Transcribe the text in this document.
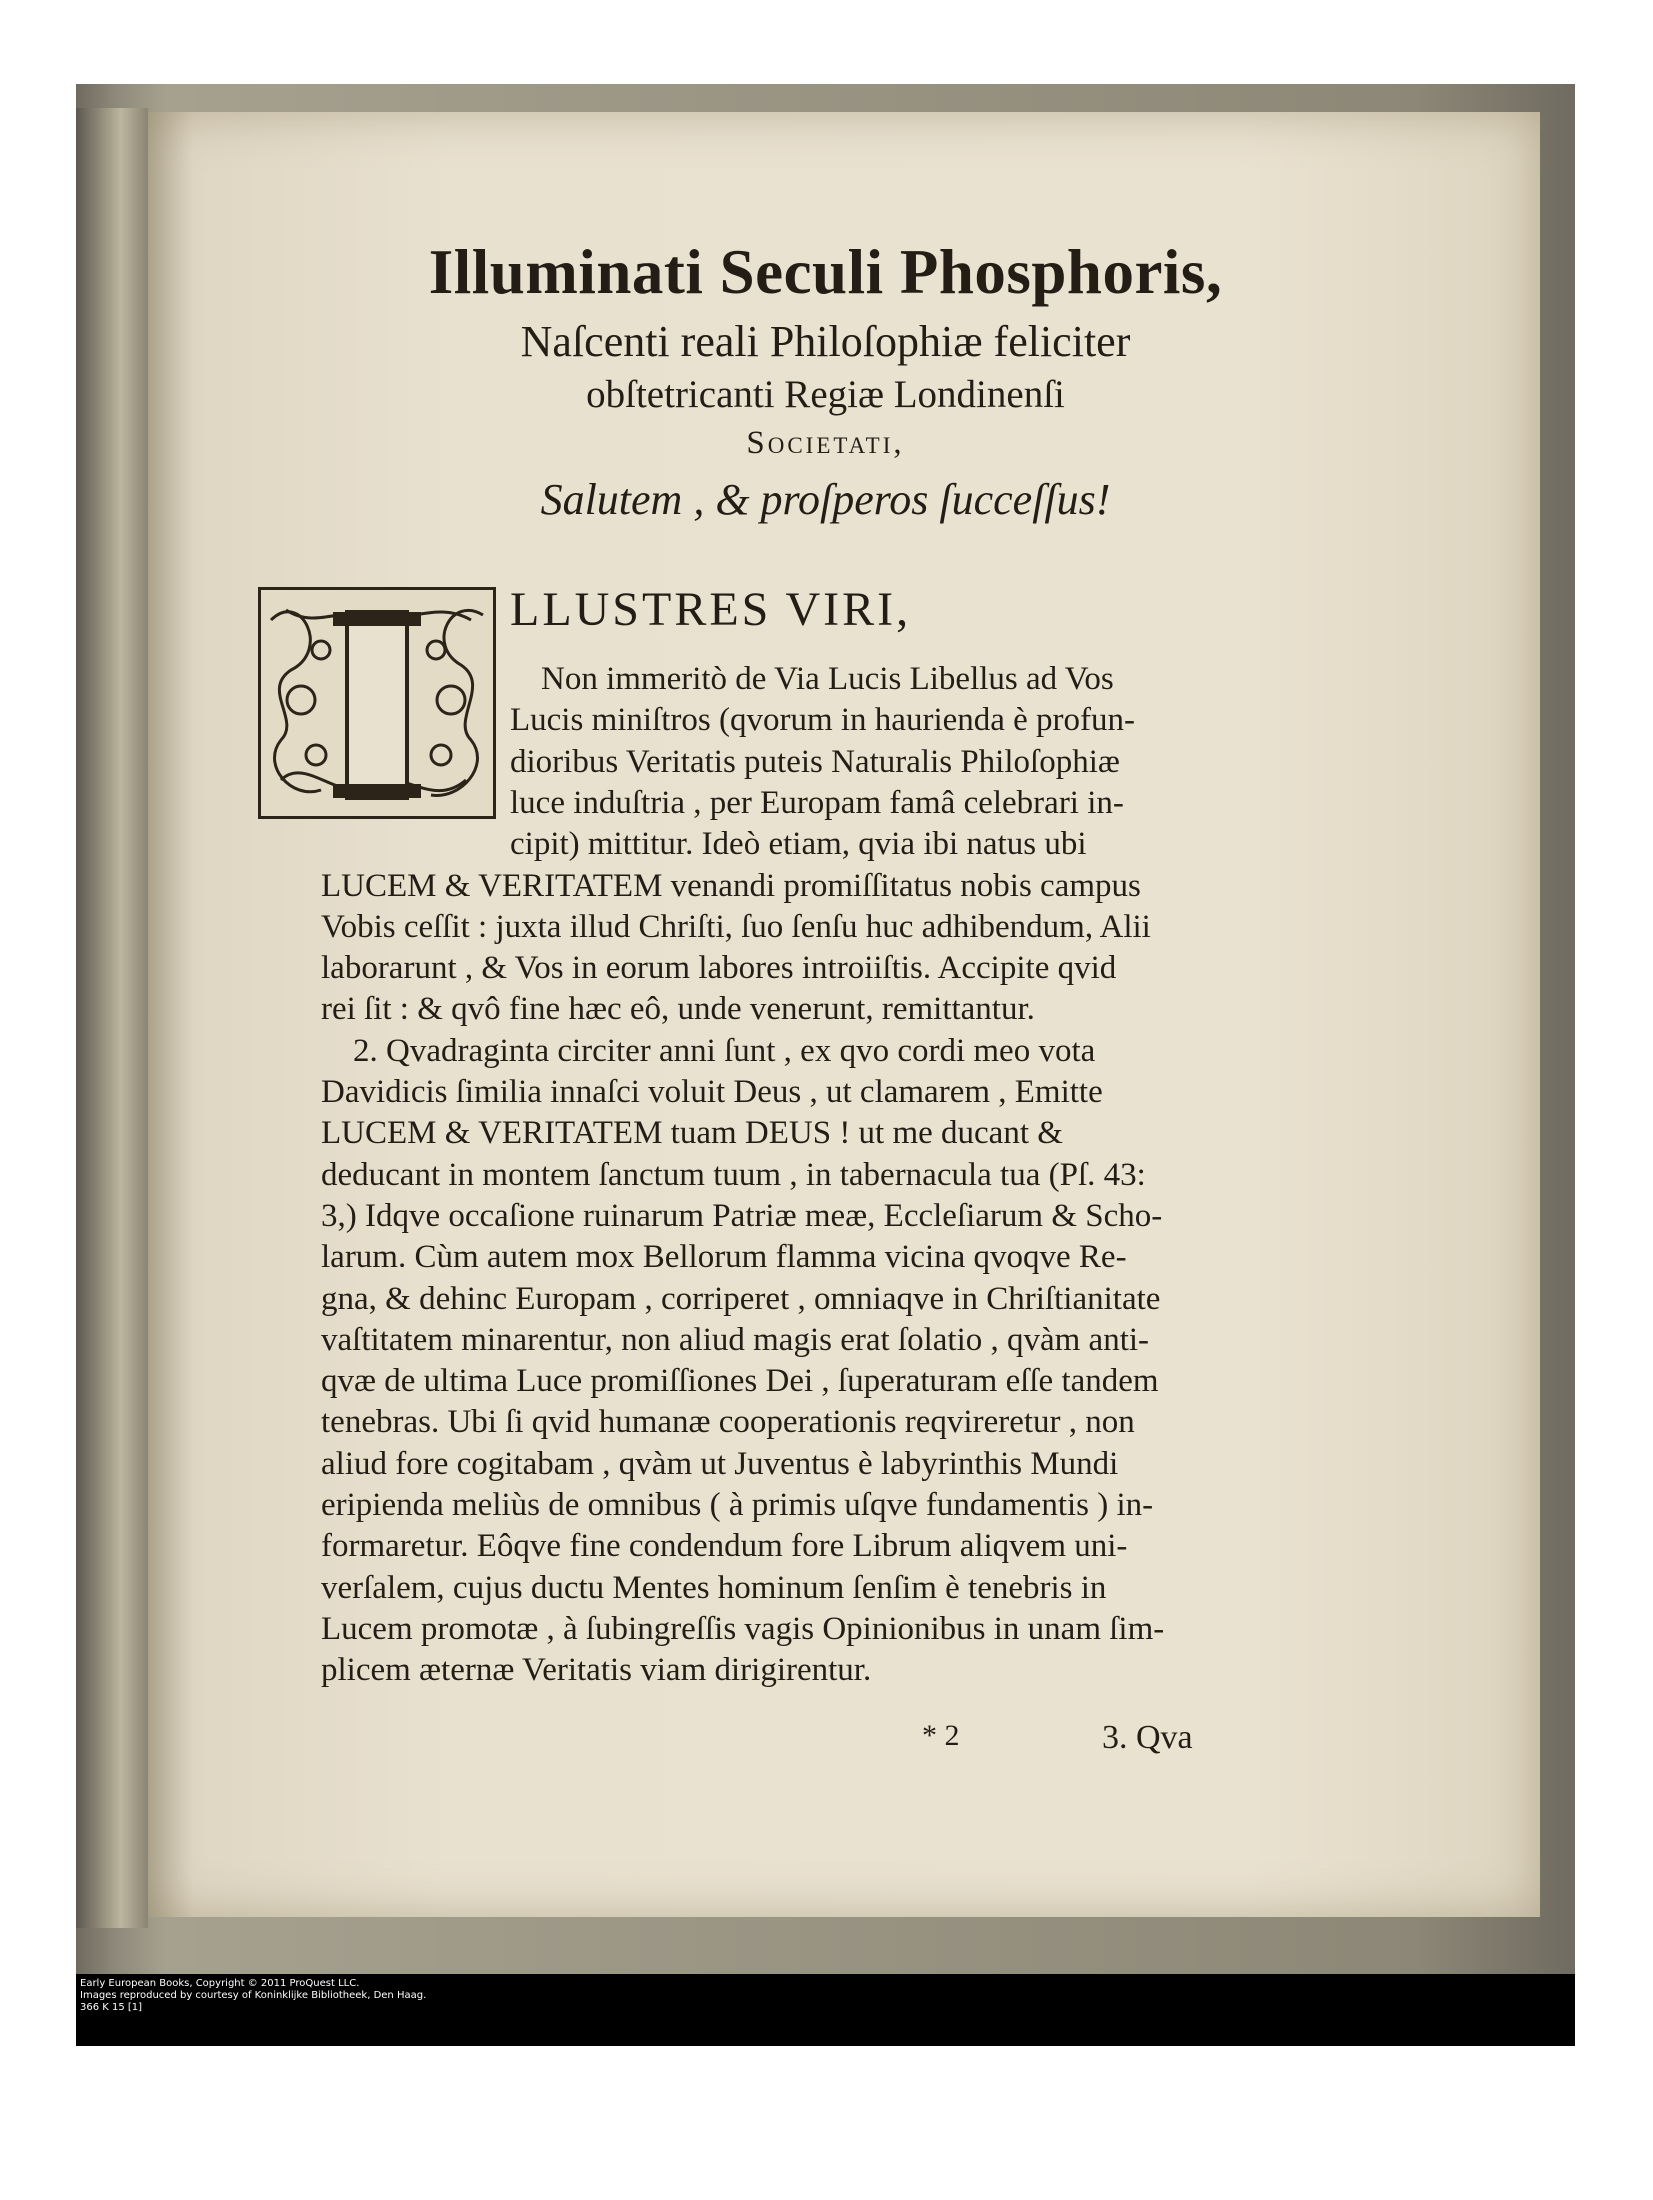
Illuminati Seculi Phosphoris,
Naſcenti reali Philoſophiæ feliciter
obſtetricanti Regiæ Londinenſi
Societati,
Salutem , & proſperos ſucceſſus!
LLUSTRES VIRI,
Non immeritò de Via Lucis Libellus ad Vos
Lucis miniſtros (qvorum in haurienda è profun-
dioribus Veritatis puteis Naturalis Philoſophiæ
luce induſtria , per Europam famâ celebrari in-
cipit) mittitur. Ideò etiam, qvia ibi natus ubi
LUCEM & VERITATEM venandi promiſſitatus nobis campus
Vobis ceſſit : juxta illud Chriſti, ſuo ſenſu huc adhibendum, Alii
laborarunt , & Vos in eorum labores introiiſtis. Accipite qvid
rei ſit : & qvô fine hæc eô, unde venerunt, remittantur.
2. Qvadraginta circiter anni ſunt , ex qvo cordi meo vota
Davidicis ſimilia innaſci voluit Deus , ut clamarem , Emitte
LUCEM & VERITATEM tuam DEUS ! ut me ducant &
deducant in montem ſanctum tuum , in tabernacula tua (Pſ. 43:
3,) Idqve occaſione ruinarum Patriæ meæ, Eccleſiarum & Scho-
larum. Cùm autem mox Bellorum flamma vicina qvoqve Re-
gna, & dehinc Europam , corriperet , omniaqve in Chriſtianitate
vaſtitatem minarentur, non aliud magis erat ſolatio , qvàm anti-
qvæ de ultima Luce promiſſiones Dei , ſuperaturam eſſe tandem
tenebras. Ubi ſi qvid humanæ cooperationis reqvireretur , non
aliud fore cogitabam , qvàm ut Juventus è labyrinthis Mundi
eripienda meliùs de omnibus ( à primis uſqve fundamentis ) in-
formaretur. Eôqve fine condendum fore Librum aliqvem uni-
verſalem, cujus ductu Mentes hominum ſenſim è tenebris in
Lucem promotæ , à ſubingreſſis vagis Opinionibus in unam ſim-
plicem æternæ Veritatis viam dirigirentur.
* 2	3. Qva
Early European Books, Copyright © 2011 ProQuest LLC.
Images reproduced by courtesy of Koninklijke Bibliotheek, Den Haag.
366 K 15 [1]
